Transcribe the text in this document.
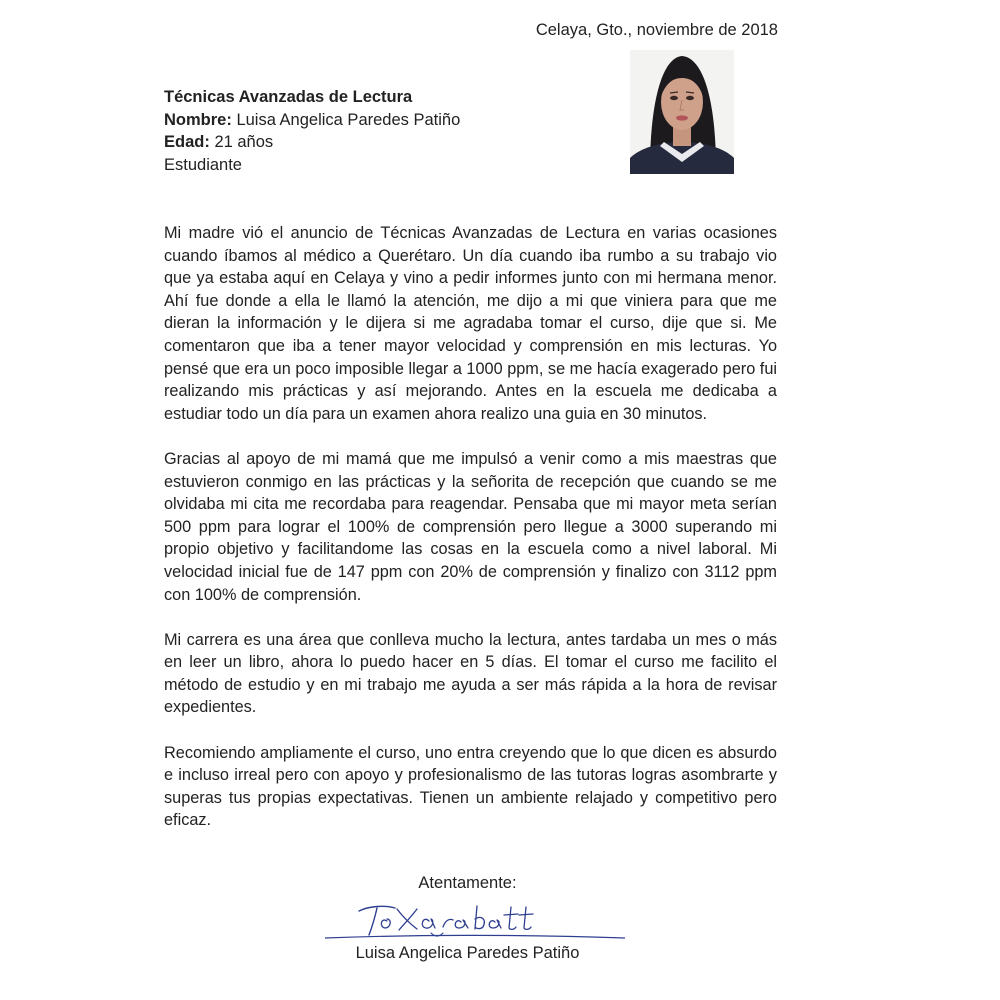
Celaya, Gto., noviembre de 2018
Técnicas Avanzadas de Lectura
Nombre: Luisa Angelica Paredes Patiño
Edad: 21 años
Estudiante

Mi madre vió el anuncio de Técnicas Avanzadas de Lectura en varias ocasiones cuando íbamos al médico a Querétaro. Un día cuando iba rumbo a su trabajo vio que ya estaba aquí en Celaya y vino a pedir informes junto con mi hermana menor. Ahí fue donde a ella le llamó la atención, me dijo a mi que viniera para que me dieran la información y le dijera si me agradaba tomar el curso, dije que si. Me comentaron que iba a tener mayor velocidad y comprensión en mis lecturas. Yo pensé que era un poco imposible llegar a 1000 ppm, se me hacía exagerado pero fui realizando mis prácticas y así mejorando. Antes en la escuela me dedicaba a estudiar todo un día para un examen ahora realizo una guia en 30 minutos.

Gracias al apoyo de mi mamá que me impulsó a venir como a mis maestras que estuvieron conmigo en las prácticas y la señorita de recepción que cuando se me olvidaba mi cita me recordaba para reagendar. Pensaba que mi mayor meta serían 500 ppm para lograr el 100% de comprensión pero llegue a 3000 superando mi propio objetivo y facilitandome las cosas en la escuela como a nivel laboral. Mi velocidad inicial fue de 147 ppm con 20% de comprensión y finalizo con 3112 ppm con 100% de comprensión.

Mi carrera es una área que conlleva mucho la lectura, antes tardaba un mes o más en leer un libro, ahora lo puedo hacer en 5 días. El tomar el curso me facilito el método de estudio y en mi trabajo me ayuda a ser más rápida a la hora de revisar expedientes.

Recomiendo ampliamente el curso, uno entra creyendo que lo que dicen es absurdo e incluso irreal pero con apoyo y profesionalismo de las tutoras logras asombrarte y superas tus propias expectativas. Tienen un ambiente relajado y competitivo pero eficaz.

Atentamente:
Luisa Angelica Paredes Patiño
